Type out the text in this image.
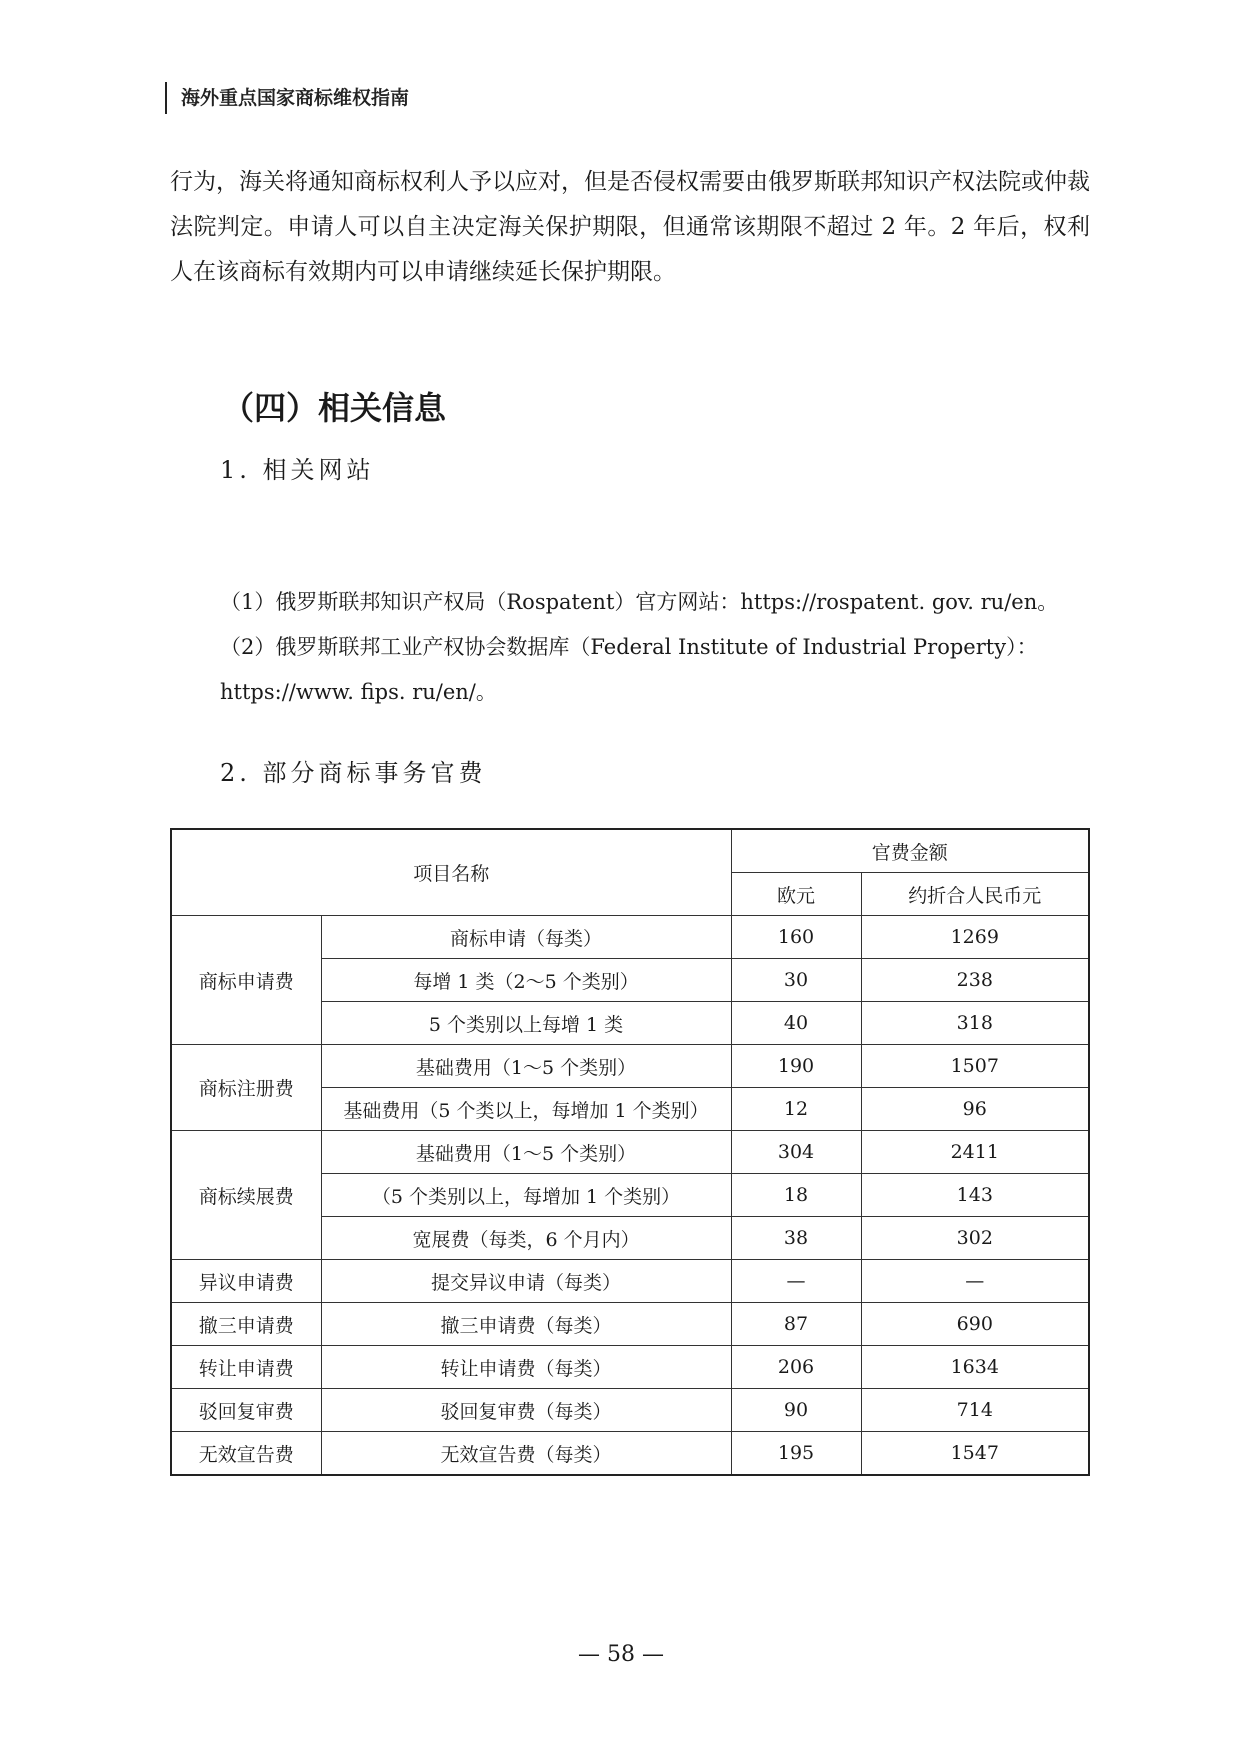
海外重点国家商标维权指南

行为，海关将通知商标权利人予以应对，但是否侵权需要由俄罗斯联邦知识产权法院或仲裁法院判定。申请人可以自主决定海关保护期限，但通常该期限不超过 2 年。2 年后，权利人在该商标有效期内可以申请继续延长保护期限。

（四）相关信息
1. 相关网站

（1）俄罗斯联邦知识产权局（Rospatent）官方网站：https://rospatent. gov. ru/en。

（2）俄罗斯联邦工业产权协会数据库（Federal Institute of Industrial Property）：https://www. fips. ru/en/。

2. 部分商标事务官费
项目名称		官费金额	
		欧元	约折合人民币元
商标申请费	商标申请（每类）	160	1269
	每增 1 类（2～5 个类别）	30	238
	5 个类别以上每增 1 类	40	318
商标注册费	基础费用（1～5 个类别）	190	1507
	基础费用（5 个类以上，每增加 1 个类别）	12	96
商标续展费	基础费用（1～5 个类别）	304	2411
	（5 个类别以上，每增加 1 个类别）	18	143
	宽展费（每类，6 个月内）	38	302
异议申请费	提交异议申请（每类）	—	—
撤三申请费	撤三申请费（每类）	87	690
转让申请费	转让申请费（每类）	206	1634
驳回复审费	驳回复审费（每类）	90	714
无效宣告费	无效宣告费（每类）	195	1547
— 58 —
